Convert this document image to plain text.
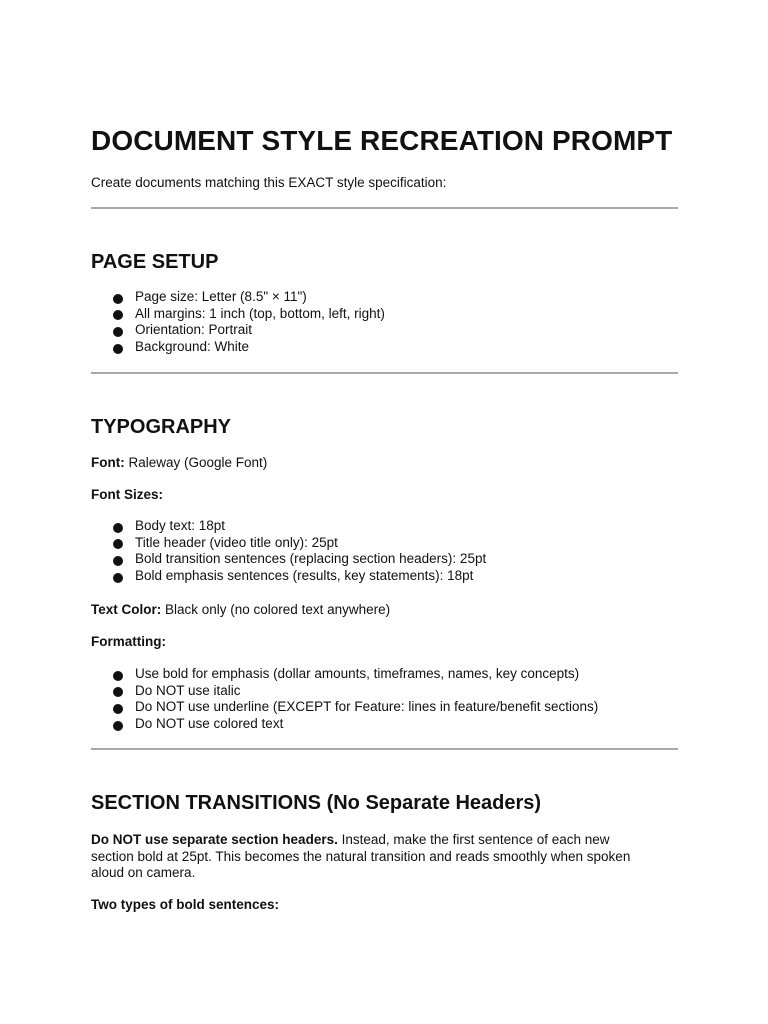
DOCUMENT STYLE RECREATION PROMPT

Create documents matching this EXACT style specification:

PAGE SETUP
Page size: Letter (8.5" × 11")
All margins: 1 inch (top, bottom, left, right)
Orientation: Portrait
Background: White
TYPOGRAPHY

Font: Raleway (Google Font)

Font Sizes:

Body text: 18pt
Title header (video title only): 25pt
Bold transition sentences (replacing section headers): 25pt
Bold emphasis sentences (results, key statements): 18pt

Text Color: Black only (no colored text anywhere)

Formatting:

Use bold for emphasis (dollar amounts, timeframes, names, key concepts)
Do NOT use italic
Do NOT use underline (EXCEPT for Feature: lines in feature/benefit sections)
Do NOT use colored text
SECTION TRANSITIONS (No Separate Headers)

Do NOT use separate section headers. Instead, make the first sentence of each new

section bold at 25pt. This becomes the natural transition and reads smoothly when spoken

aloud on camera.

Two types of bold sentences:
